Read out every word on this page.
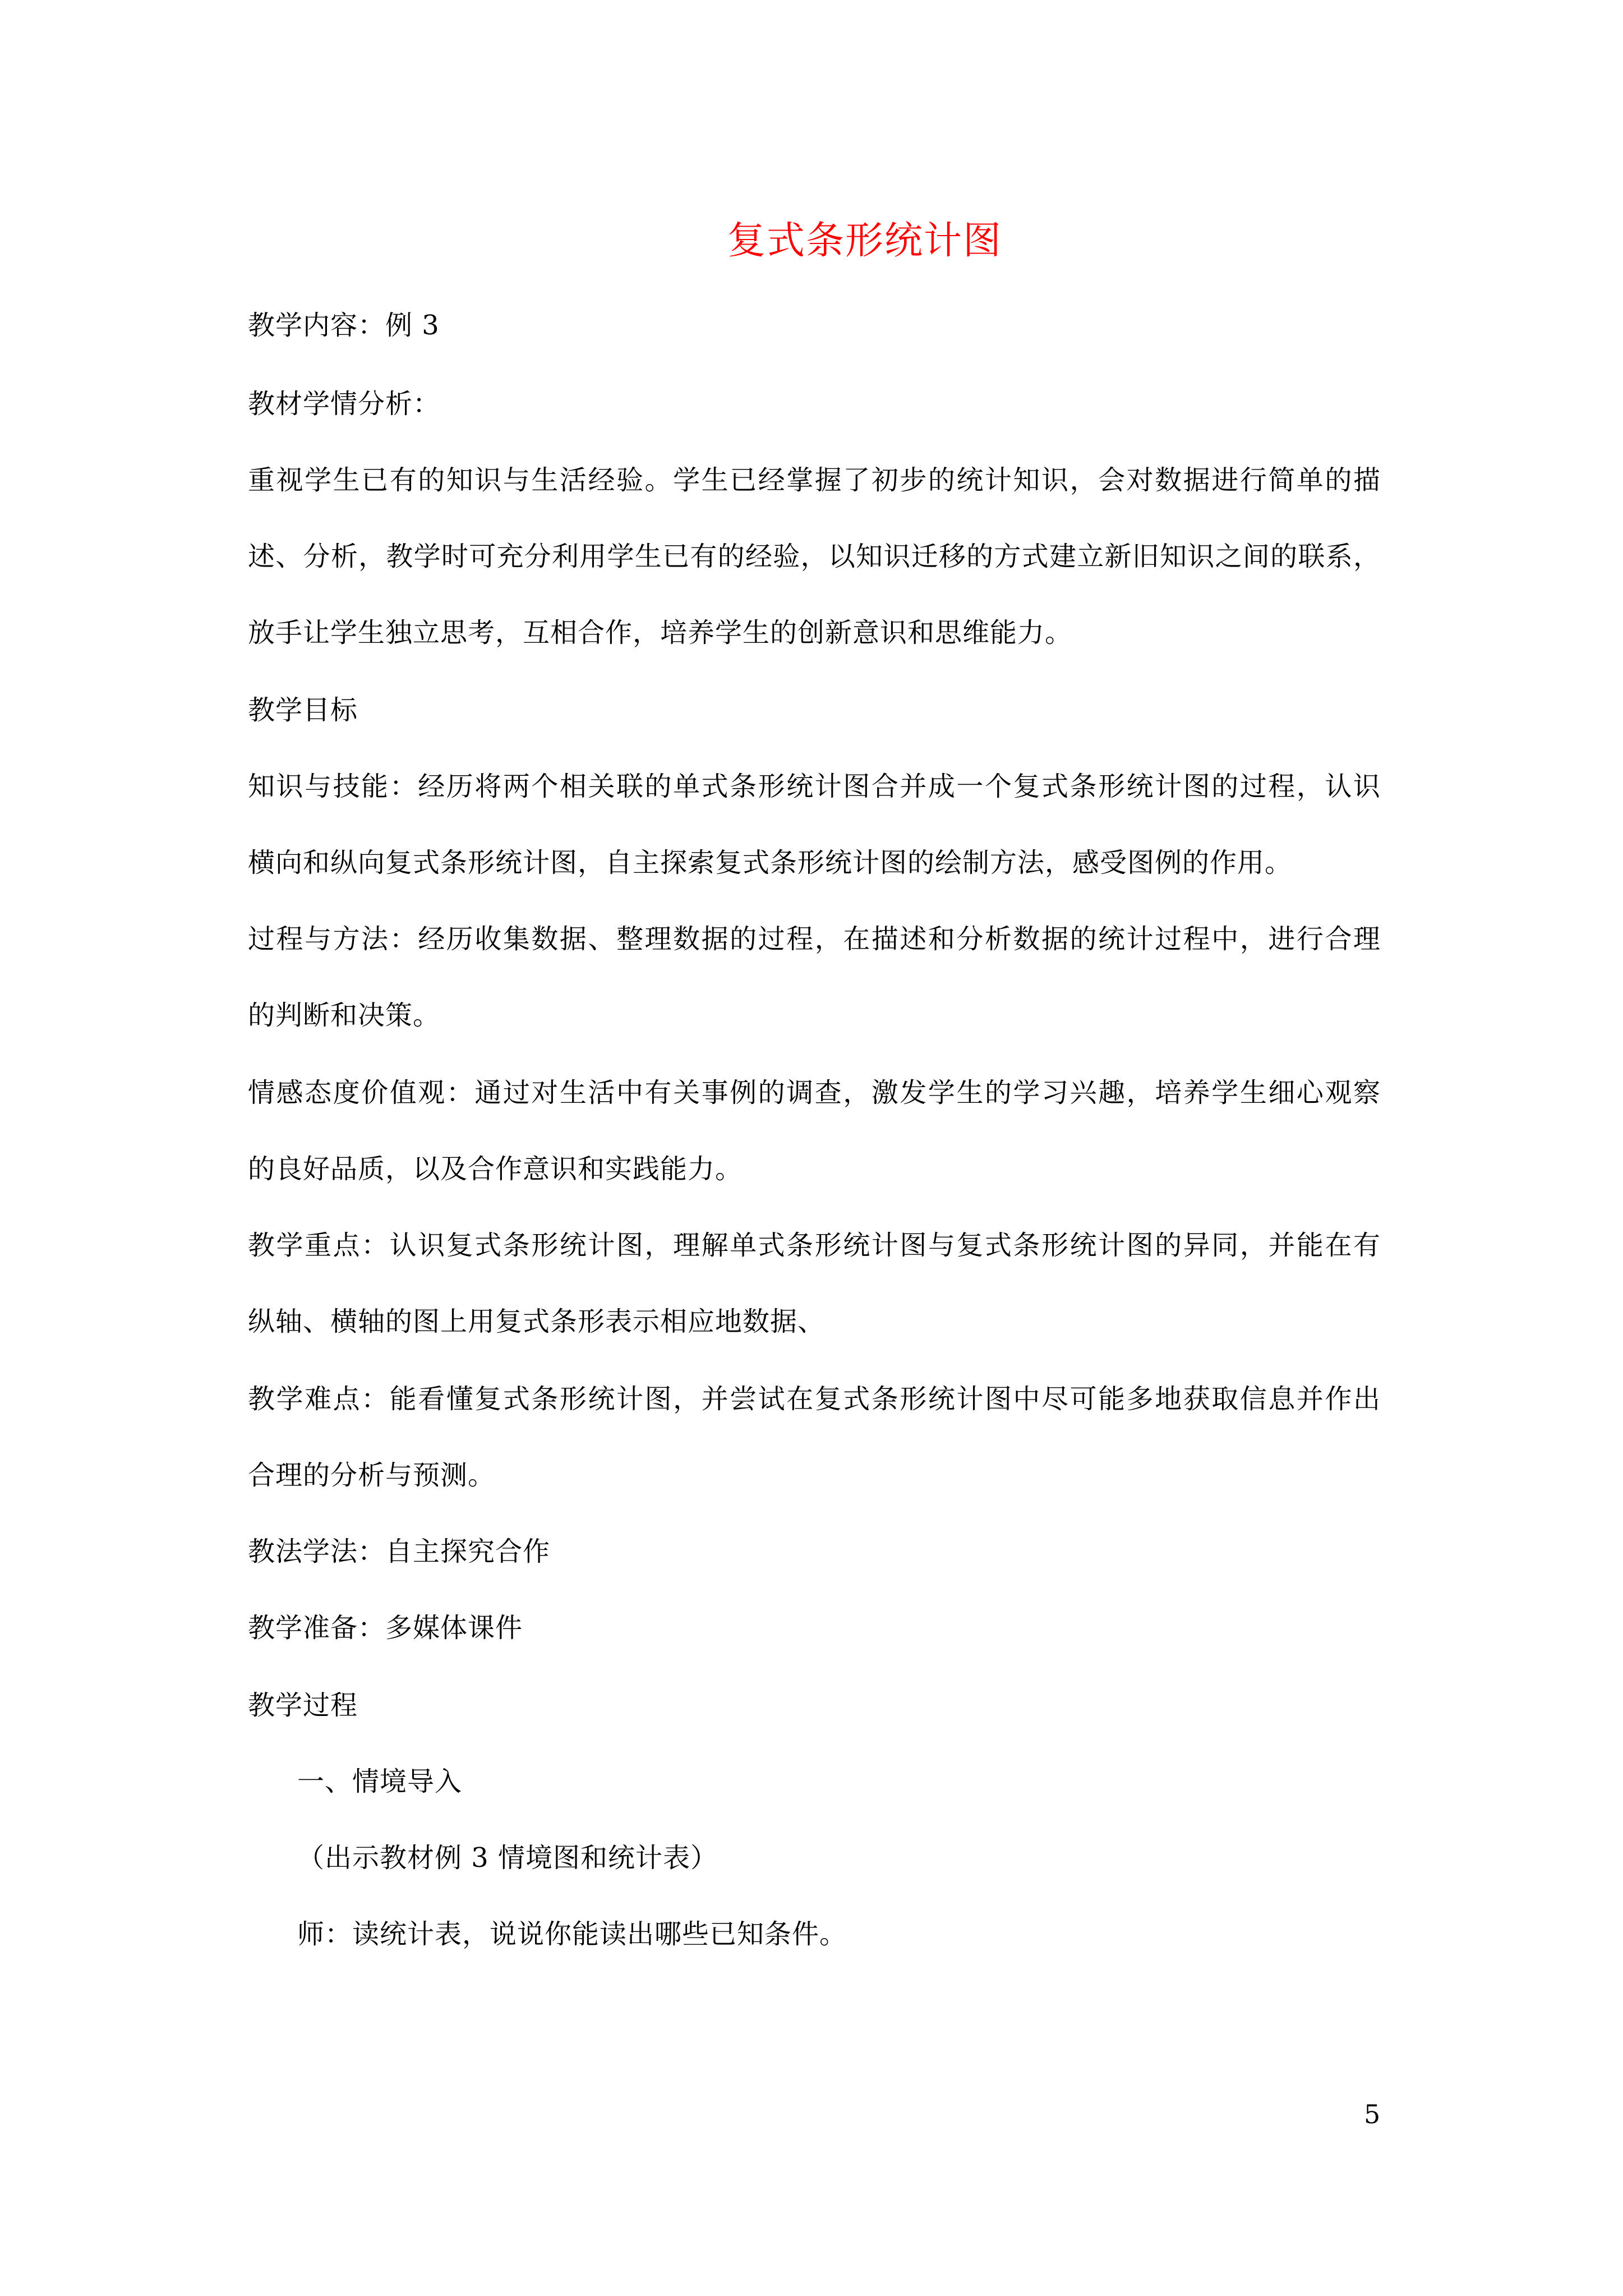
复式条形统计图
教学内容：例 3
教材学情分析：
重视学生已有的知识与生活经验。学生已经掌握了初步的统计知识，会对数据进行简单的描
述、分析，教学时可充分利用学生已有的经验，以知识迁移的方式建立新旧知识之间的联系，
放手让学生独立思考，互相合作，培养学生的创新意识和思维能力。
教学目标
知识与技能：经历将两个相关联的单式条形统计图合并成一个复式条形统计图的过程，认识
横向和纵向复式条形统计图，自主探索复式条形统计图的绘制方法，感受图例的作用。
过程与方法：经历收集数据、整理数据的过程，在描述和分析数据的统计过程中，进行合理
的判断和决策。
情感态度价值观：通过对生活中有关事例的调查，激发学生的学习兴趣，培养学生细心观察
的良好品质，以及合作意识和实践能力。
教学重点：认识复式条形统计图，理解单式条形统计图与复式条形统计图的异同，并能在有
纵轴、横轴的图上用复式条形表示相应地数据、
教学难点：能看懂复式条形统计图，并尝试在复式条形统计图中尽可能多地获取信息并作出
合理的分析与预测。
教法学法：自主探究合作
教学准备：多媒体课件
教学过程
一、情境导入
（出示教材例 3 情境图和统计表）
师：读统计表，说说你能读出哪些已知条件。
5
